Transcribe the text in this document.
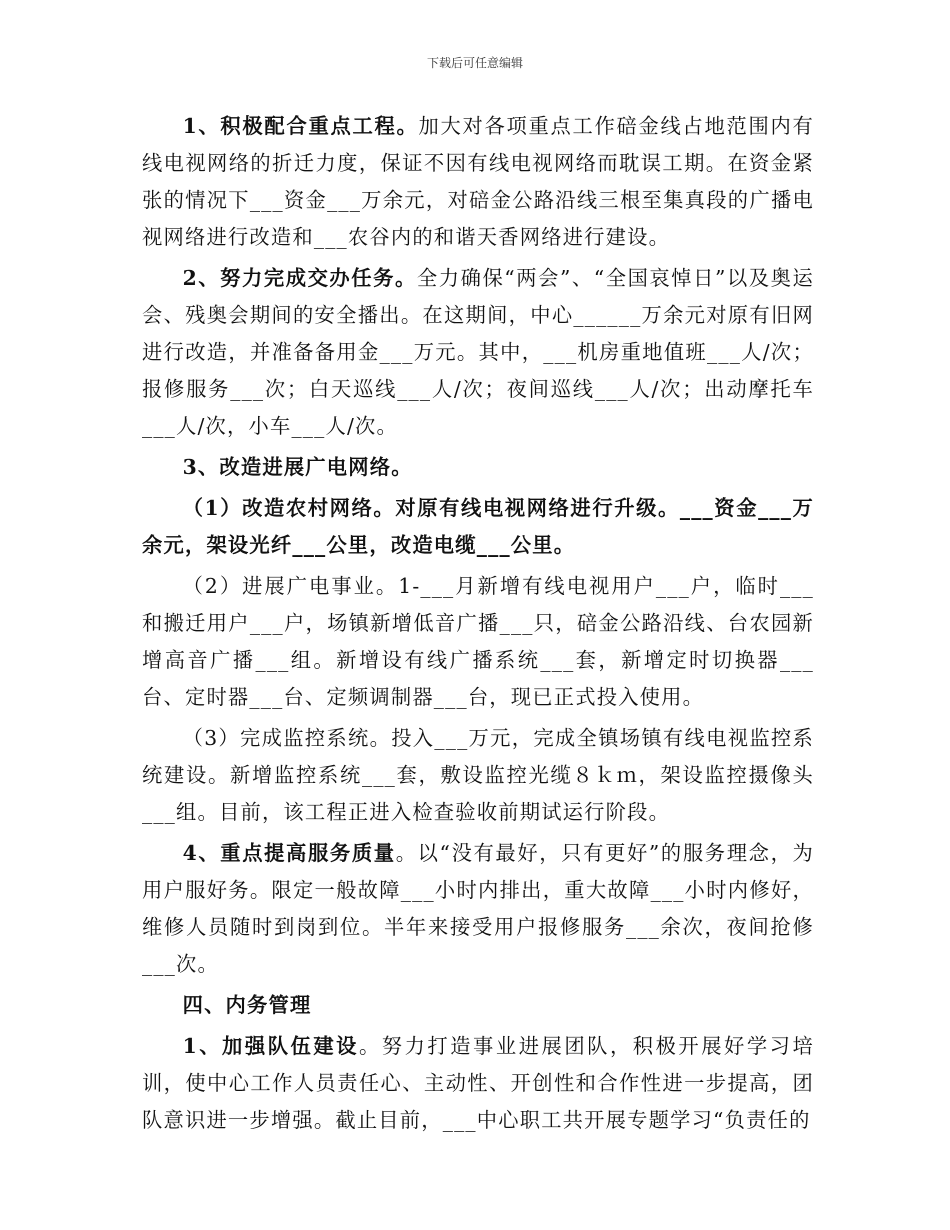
下载后可任意编辑

1、积极配合重点工程。加大对各项重点工作碚金线占地范围内有线电视网络的折迁力度，保证不因有线电视网络而耽误工期。在资金紧张的情况下___资金___万余元，对碚金公路沿线三根至集真段的广播电视网络进行改造和___农谷内的和谐天香网络进行建设。

2、努力完成交办任务。全力确保“两会”、“全国哀悼日”以及奥运会、残奥会期间的安全播出。在这期间，中心______万余元对原有旧网进行改造，并准备备用金___万元。其中，___机房重地值班___人/次；报修服务___次；白天巡线___人/次；夜间巡线___人/次；出动摩托车___人/次，小车___人/次。

3、改造进展广电网络。

（1）改造农村网络。对原有线电视网络进行升级。___资金___万余元，架设光纤___公里，改造电缆___公里。

（2）进展广电事业。1-___月新增有线电视用户___户，临时___和搬迁用户___户，场镇新增低音广播___只，碚金公路沿线、台农园新增高音广播___组。新增设有线广播系统___套，新增定时切换器___台、定时器___台、定频调制器___台，现已正式投入使用。

（3）完成监控系统。投入___万元，完成全镇场镇有线电视监控系统建设。新增监控系统___套，敷设监控光缆８ｋｍ，架设监控摄像头___组。目前，该工程正进入检查验收前期试运行阶段。

4、重点提高服务质量。以“没有最好，只有更好”的服务理念，为用户服好务。限定一般故障___小时内排出，重大故障___小时内修好，维修人员随时到岗到位。半年来接受用户报修服务___余次，夜间抢修___次。

四、内务管理

1、加强队伍建设。努力打造事业进展团队，积极开展好学习培训，使中心工作人员责任心、主动性、开创性和合作性进一步提高，团队意识进一步增强。截止目前，___中心职工共开展专题学习“负责任的
